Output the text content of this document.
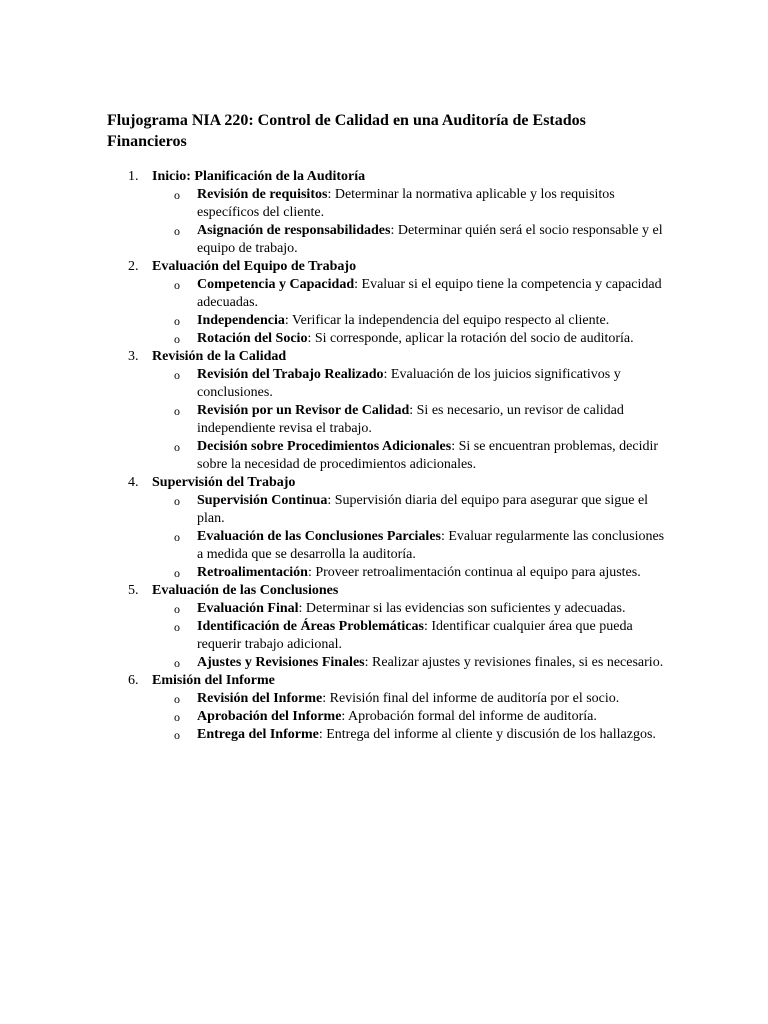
Flujograma NIA 220: Control de Calidad en una Auditoría de Estados Financieros
1. Inicio: Planificación de la Auditoría
o Revisión de requisitos: Determinar la normativa aplicable y los requisitos específicos del cliente.
o Asignación de responsabilidades: Determinar quién será el socio responsable y el equipo de trabajo.
2. Evaluación del Equipo de Trabajo
o Competencia y Capacidad: Evaluar si el equipo tiene la competencia y capacidad adecuadas.
o Independencia: Verificar la independencia del equipo respecto al cliente.
o Rotación del Socio: Si corresponde, aplicar la rotación del socio de auditoría.
3. Revisión de la Calidad
o Revisión del Trabajo Realizado: Evaluación de los juicios significativos y conclusiones.
o Revisión por un Revisor de Calidad: Si es necesario, un revisor de calidad independiente revisa el trabajo.
o Decisión sobre Procedimientos Adicionales: Si se encuentran problemas, decidir sobre la necesidad de procedimientos adicionales.
4. Supervisión del Trabajo
o Supervisión Continua: Supervisión diaria del equipo para asegurar que sigue el plan.
o Evaluación de las Conclusiones Parciales: Evaluar regularmente las conclusiones a medida que se desarrolla la auditoría.
o Retroalimentación: Proveer retroalimentación continua al equipo para ajustes.
5. Evaluación de las Conclusiones
o Evaluación Final: Determinar si las evidencias son suficientes y adecuadas.
o Identificación de Áreas Problemáticas: Identificar cualquier área que pueda requerir trabajo adicional.
o Ajustes y Revisiones Finales: Realizar ajustes y revisiones finales, si es necesario.
6. Emisión del Informe
o Revisión del Informe: Revisión final del informe de auditoría por el socio.
o Aprobación del Informe: Aprobación formal del informe de auditoría.
o Entrega del Informe: Entrega del informe al cliente y discusión de los hallazgos.
